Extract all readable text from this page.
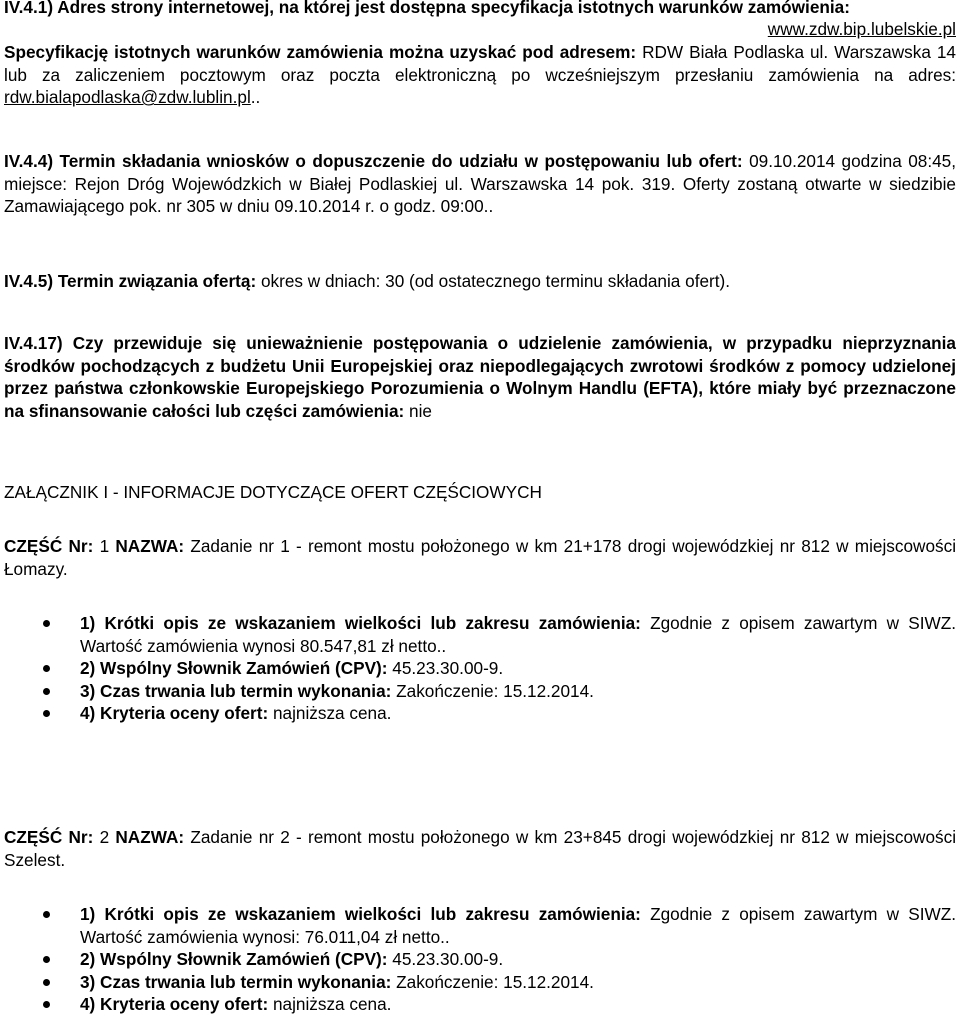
IV.4.1) Adres strony internetowej, na której jest dostępna specyfikacja istotnych warunków zamówienia:

www.zdw.bip.lubelskie.pl

Specyfikację istotnych warunków zamówienia można uzyskać pod adresem: RDW Biała Podlaska ul. Warszawska 14 lub za zaliczeniem pocztowym oraz poczta elektroniczną po wcześniejszym przesłaniu zamówienia na adres: rdw.bialapodlaska@zdw.lublin.pl..

IV.4.4) Termin składania wniosków o dopuszczenie do udziału w postępowaniu lub ofert: 09.10.2014 godzina 08:45, miejsce: Rejon Dróg Wojewódzkich w Białej Podlaskiej ul. Warszawska 14 pok. 319. Oferty zostaną otwarte w siedzibie Zamawiającego pok. nr 305 w dniu 09.10.2014 r. o godz. 09:00..

IV.4.5) Termin związania ofertą: okres w dniach: 30 (od ostatecznego terminu składania ofert).

IV.4.17) Czy przewiduje się unieważnienie postępowania o udzielenie zamówienia, w przypadku nieprzyznania środków pochodzących z budżetu Unii Europejskiej oraz niepodlegających zwrotowi środków z pomocy udzielonej przez państwa członkowskie Europejskiego Porozumienia o Wolnym Handlu (EFTA), które miały być przeznaczone na sfinansowanie całości lub części zamówienia: nie

ZAŁĄCZNIK I - INFORMACJE DOTYCZĄCE OFERT CZĘŚCIOWYCH

CZĘŚĆ Nr: 1 NAZWA: Zadanie nr 1 - remont mostu położonego w km 21+178 drogi wojewódzkiej nr 812 w miejscowości Łomazy.

1) Krótki opis ze wskazaniem wielkości lub zakresu zamówienia: Zgodnie z opisem zawartym w SIWZ. Wartość zamówienia wynosi 80.547,81 zł netto..
2) Wspólny Słownik Zamówień (CPV): 45.23.30.00-9.
3) Czas trwania lub termin wykonania: Zakończenie: 15.12.2014.
4) Kryteria oceny ofert: najniższa cena.

CZĘŚĆ Nr: 2 NAZWA: Zadanie nr 2 - remont mostu położonego w km 23+845 drogi wojewódzkiej nr 812 w miejscowości Szelest.

1) Krótki opis ze wskazaniem wielkości lub zakresu zamówienia: Zgodnie z opisem zawartym w SIWZ. Wartość zamówienia wynosi: 76.011,04 zł netto..
2) Wspólny Słownik Zamówień (CPV): 45.23.30.00-9.
3) Czas trwania lub termin wykonania: Zakończenie: 15.12.2014.
4) Kryteria oceny ofert: najniższa cena.
